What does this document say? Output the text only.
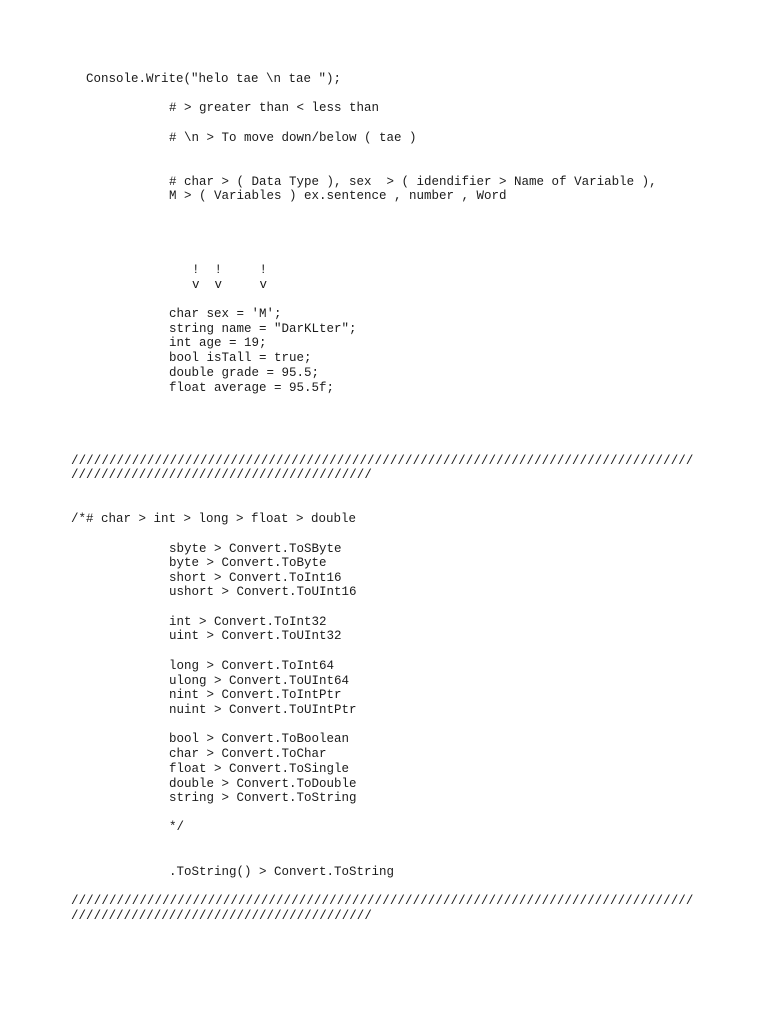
Console.Write("helo tae \n tae ");

# > greater than < less than

# \n > To move down/below ( tae )

# char > ( Data Type ), sex  > ( idendifier > Name of Variable ),

M > ( Variables ) ex.sentence , number , Word

!  !     !

v  v     v

char sex = 'M';

string name = "DarKLter";

int age = 19;

bool isTall = true;

double grade = 95.5;

float average = 95.5f;

//////////////////////////////////////////////////////////////////////////////////

////////////////////////////////////////

/*# char > int > long > float > double

sbyte > Convert.ToSByte

byte > Convert.ToByte

short > Convert.ToInt16

ushort > Convert.ToUInt16

int > Convert.ToInt32

uint > Convert.ToUInt32

long > Convert.ToInt64

ulong > Convert.ToUInt64

nint > Convert.ToIntPtr

nuint > Convert.ToUIntPtr

bool > Convert.ToBoolean

char > Convert.ToChar

float > Convert.ToSingle

double > Convert.ToDouble

string > Convert.ToString

*/

.ToString() > Convert.ToString

//////////////////////////////////////////////////////////////////////////////////

////////////////////////////////////////
